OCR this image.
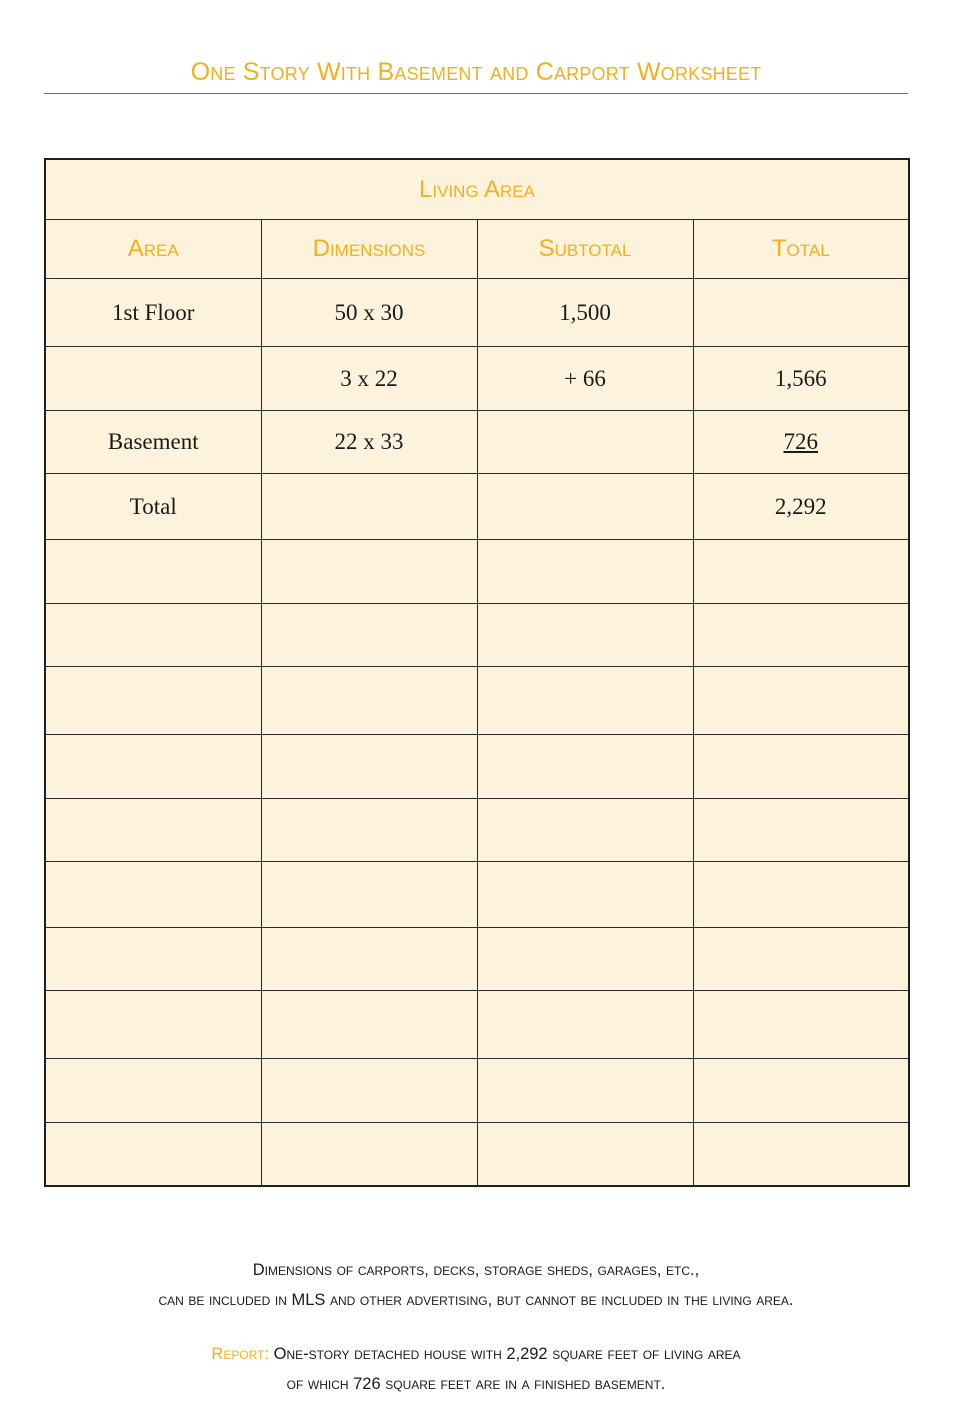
One Story With Basement and Carport Worksheet
Living Area			
Area	Dimensions	Subtotal	Total
1st Floor	50 x 30	1,500	
	3 x 22	+ 66	1,566
Basement	22 x 33		726
Total			2,292

Dimensions of carports, decks, storage sheds, garages, etc.,
can be included in MLS and other advertising, but cannot be included in the living area.
Report: One-story detached house with 2,292 square feet of living area
of which 726 square feet are in a finished basement.
